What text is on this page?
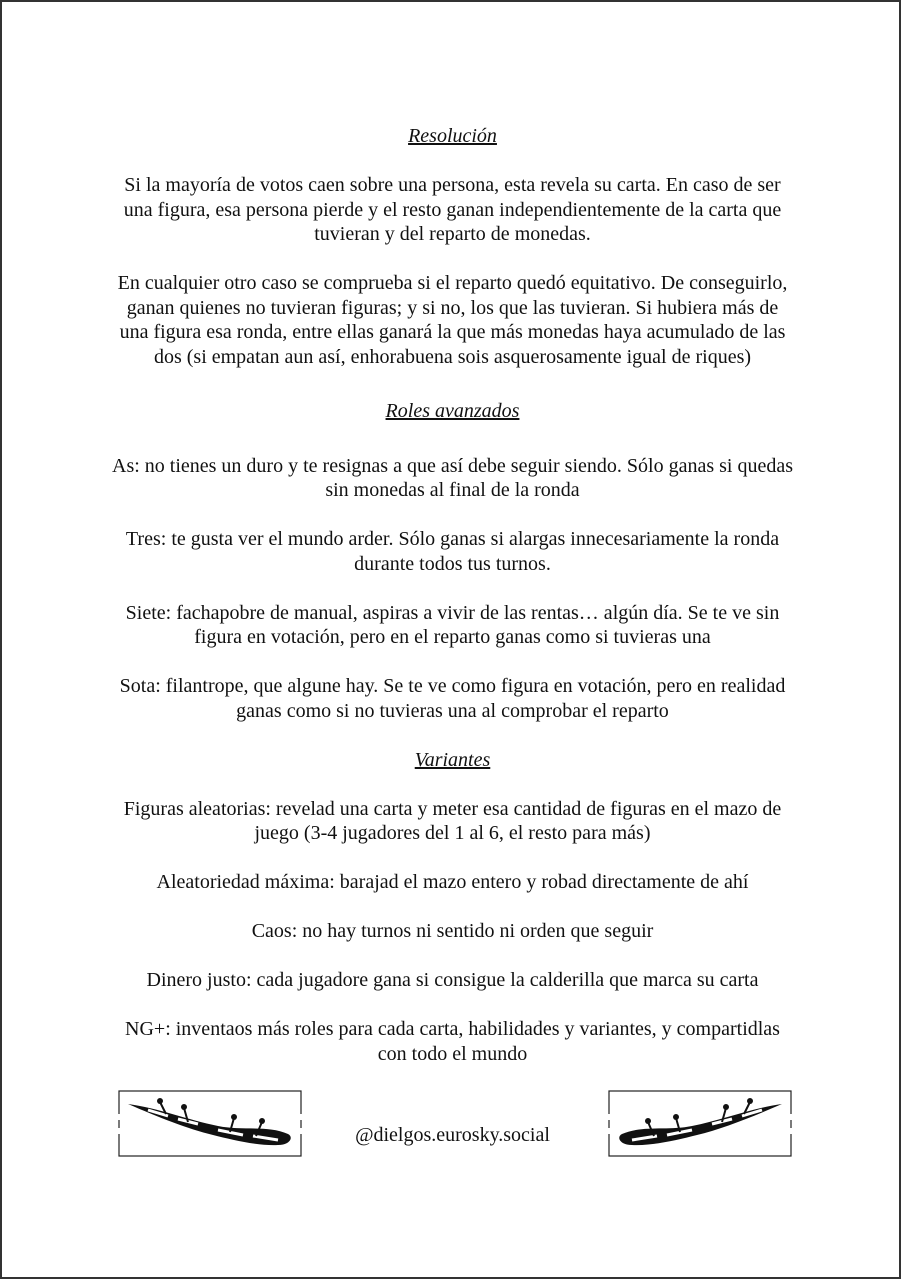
Resolución

Si la mayoría de votos caen sobre una persona, esta revela su carta. En caso de ser una figura, esa persona pierde y el resto ganan independientemente de la carta que tuvieran y del reparto de monedas.

En cualquier otro caso se comprueba si el reparto quedó equitativo. De conseguirlo, ganan quienes no tuvieran figuras; y si no, los que las tuvieran. Si hubiera más de una figura esa ronda, entre ellas ganará la que más monedas haya acumulado de las dos (si empatan aun así, enhorabuena sois asquerosamente igual de riques)

Roles avanzados

As: no tienes un duro y te resignas a que así debe seguir siendo. Sólo ganas si quedas sin monedas al final de la ronda

Tres: te gusta ver el mundo arder. Sólo ganas si alargas innecesariamente la ronda durante todos tus turnos.

Siete: fachapobre de manual, aspiras a vivir de las rentas… algún día. Se te ve sin figura en votación, pero en el reparto ganas como si tuvieras una

Sota: filantrope, que algune hay. Se te ve como figura en votación, pero en realidad ganas como si no tuvieras una al comprobar el reparto

Variantes

Figuras aleatorias: revelad una carta y meter esa cantidad de figuras en el mazo de juego (3-4 jugadores del 1 al 6, el resto para más)

Aleatoriedad máxima: barajad el mazo entero y robad directamente de ahí

Caos: no hay turnos ni sentido ni orden que seguir

Dinero justo: cada jugadore gana si consigue la calderilla que marca su carta

NG+: inventaos más roles para cada carta, habilidades y variantes, y compartidlas con todo el mundo

@dielgos.eurosky.social
